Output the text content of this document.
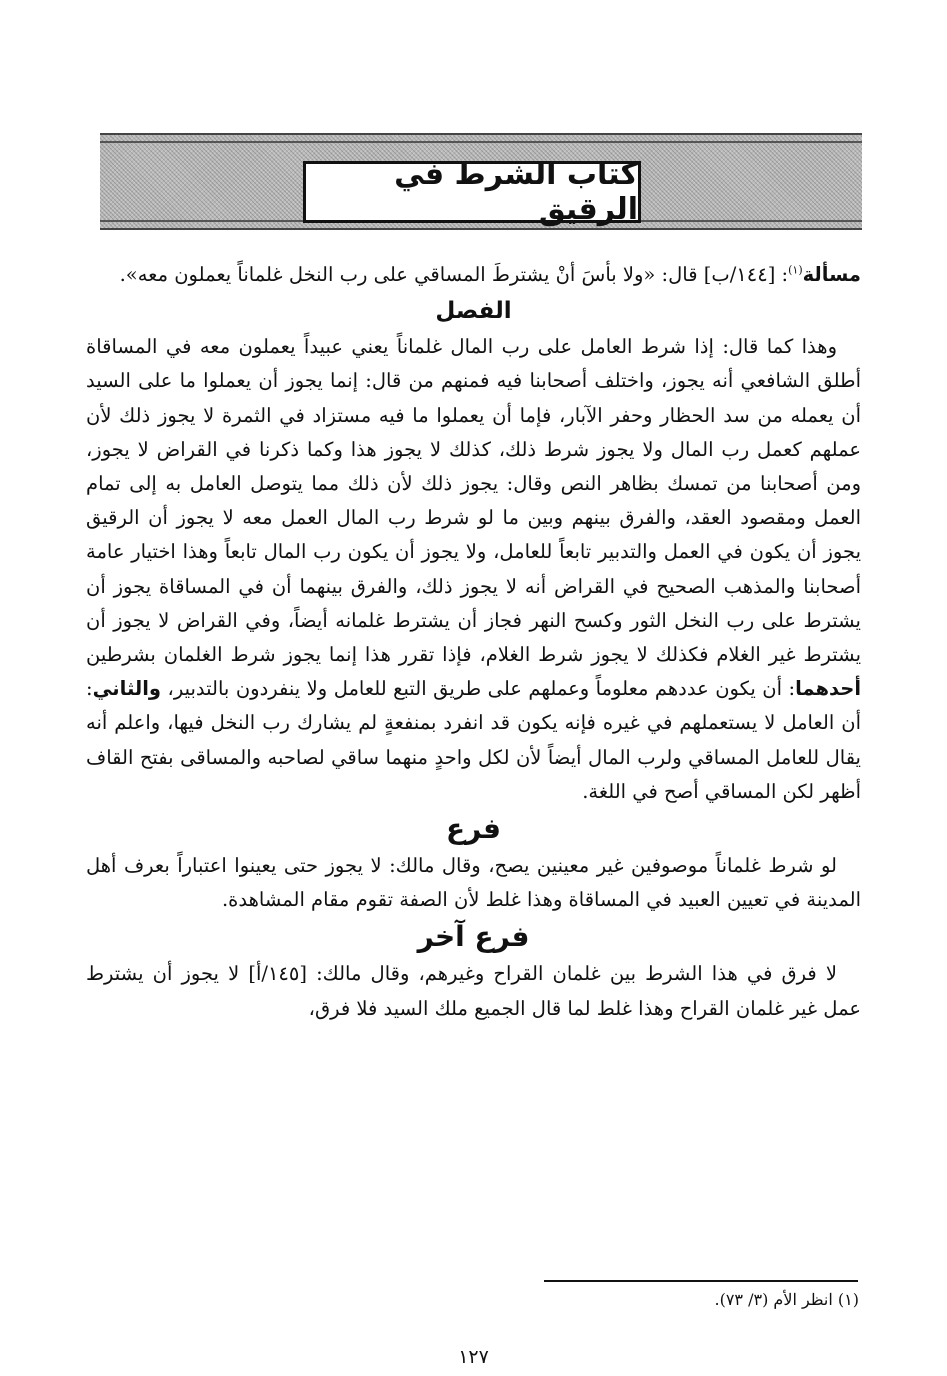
كتاب الشرط في الرقيق

مسألة$^{(١)}$: [١٤٤/ب] قال: «ولا بأسَ أنْ يشترطَ المساقي على رب النخل غلماناً يعملون معه».

الفصل

وهذا كما قال: إذا شرط العامل على رب المال غلماناً يعني عبيداً يعملون معه في المساقاة أطلق الشافعي أنه يجوز، واختلف أصحابنا فيه فمنهم من قال: إنما يجوز أن يعملوا ما على السيد أن يعمله من سد الحظار وحفر الآبار، فإما أن يعملوا ما فيه مستزاد في الثمرة لا يجوز ذلك لأن عملهم كعمل رب المال ولا يجوز شرط ذلك، كذلك لا يجوز هذا وكما ذكرنا في القراض لا يجوز، ومن أصحابنا من تمسك بظاهر النص وقال: يجوز ذلك لأن ذلك مما يتوصل العامل به إلى تمام العمل ومقصود العقد، والفرق بينهم وبين ما لو شرط رب المال العمل معه لا يجوز أن الرقيق يجوز أن يكون في العمل والتدبير تابعاً للعامل، ولا يجوز أن يكون رب المال تابعاً وهذا اختيار عامة أصحابنا والمذهب الصحيح في القراض أنه لا يجوز ذلك، والفرق بينهما أن في المساقاة يجوز أن يشترط على رب النخل الثور وكسح النهر فجاز أن يشترط غلمانه أيضاً، وفي القراض لا يجوز أن يشترط غير الغلام فكذلك لا يجوز شرط الغلام، فإذا تقرر هذا إنما يجوز شرط الغلمان بشرطين أحدهما: أن يكون عددهم معلوماً وعملهم على طريق التبع للعامل ولا ينفردون بالتدبير، والثاني: أن العامل لا يستعملهم في غيره فإنه يكون قد انفرد بمنفعةٍ لم يشارك رب النخل فيها، واعلم أنه يقال للعامل المساقي ولرب المال أيضاً لأن لكل واحدٍ منهما ساقي لصاحبه والمساقى بفتح القاف أظهر لكن المساقي أصح في اللغة.

فرع

لو شرط غلماناً موصوفين غير معينين يصح، وقال مالك: لا يجوز حتى يعينوا اعتباراً بعرف أهل المدينة في تعيين العبيد في المساقاة وهذا غلط لأن الصفة تقوم مقام المشاهدة.

فرع آخر

لا فرق في هذا الشرط بين غلمان القراح وغيرهم، وقال مالك: [١٤٥/أ] لا يجوز أن يشترط عمل غير غلمان القراح وهذا غلط لما قال الجميع ملك السيد فلا فرق،

(١) انظر الأم (٣/ ٧٣).
١٢٧
